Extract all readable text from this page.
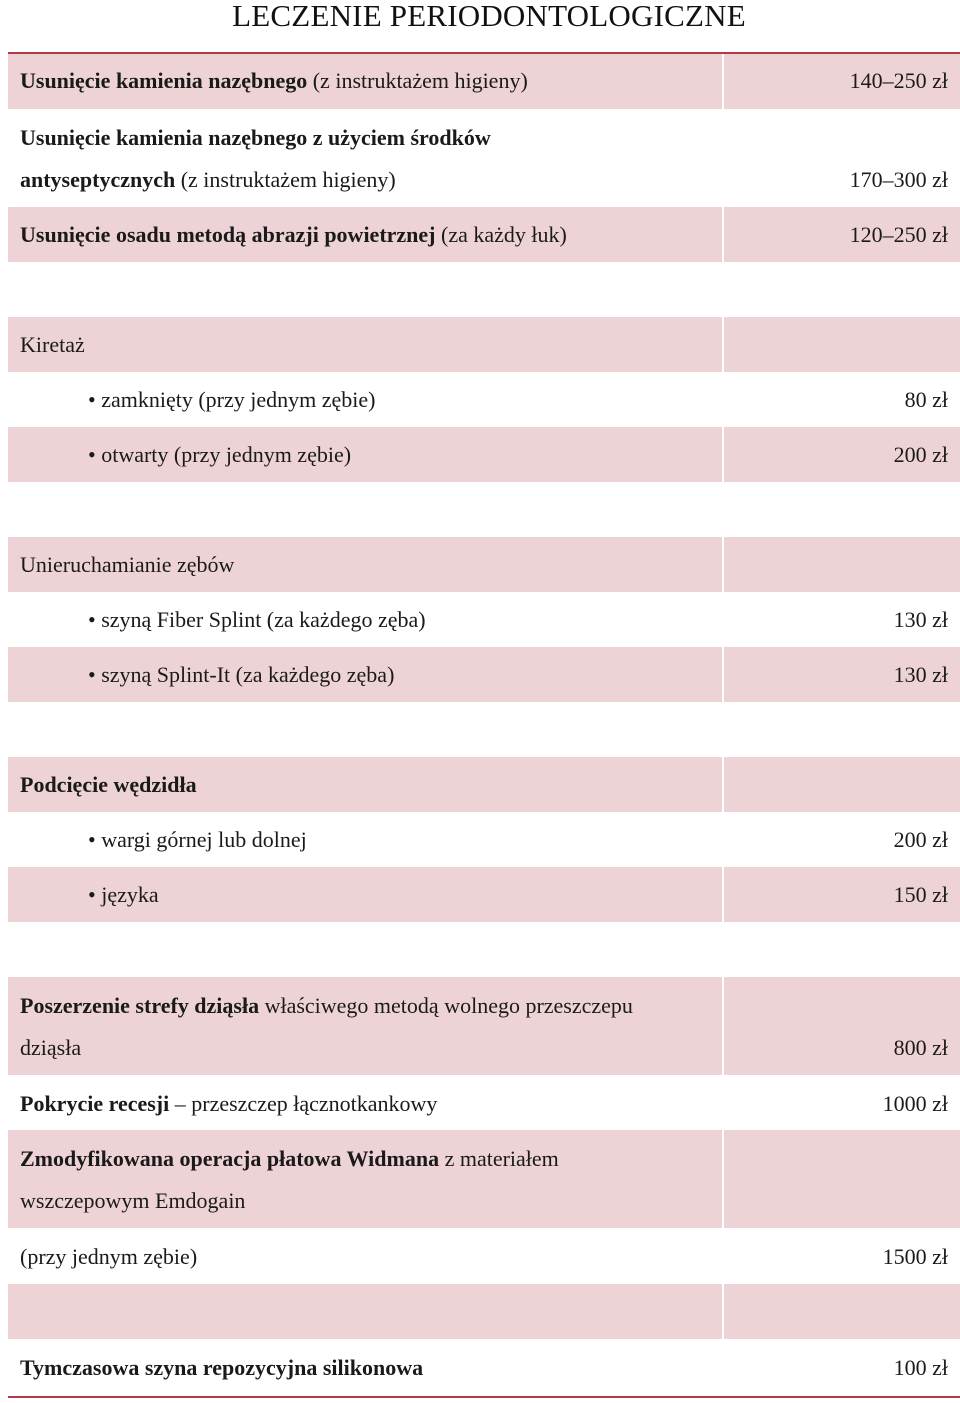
LECZENIE PERIODONTOLOGICZNE
Usunięcie kamienia nazębnego (z instruktażem higieny)	140–250 zł
Usunięcie kamienia nazębnego z użyciem środków
antyseptycznych (z instruktażem higieny)	170–300 zł
Usunięcie osadu metodą abrazji powietrznej (za każdy łuk)	120–250 zł
Kiretaż
• zamknięty (przy jednym zębie)	80 zł
• otwarty (przy jednym zębie)	200 zł
Unieruchamianie zębów
• szyną Fiber Splint (za każdego zęba)	130 zł
• szyną Splint-It (za każdego zęba)	130 zł
Podcięcie wędzidła
• wargi górnej lub dolnej	200 zł
• języka	150 zł
Poszerzenie strefy dziąsła właściwego metodą wolnego przeszczepu
dziąsła	800 zł
Pokrycie recesji – przeszczep łącznotkankowy	1000 zł
Zmodyfikowana operacja płatowa Widmana z materiałem
wszczepowym Emdogain
(przy jednym zębie)	1500 zł
Tymczasowa szyna repozycyjna silikonowa	100 zł
